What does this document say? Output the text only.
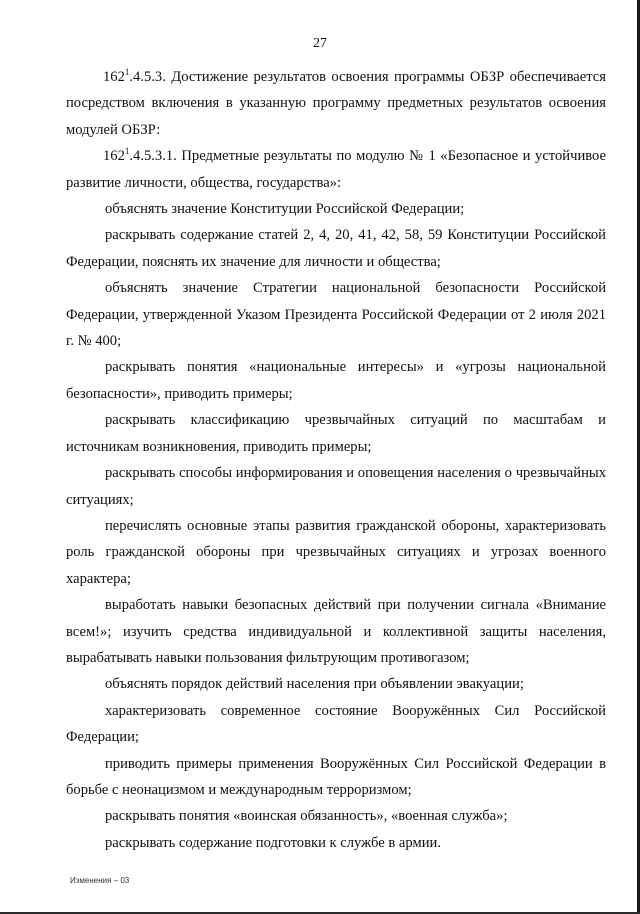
27

$162^1.4.5.3$. Достижение результатов освоения программы ОБЗР обеспечивается посредством включения в указанную программу предметных результатов освоения модулей ОБЗР:

$162^1.4.5.3.1$. Предметные результаты по модулю № 1 «Безопасное и устойчивое развитие личности, общества, государства»:

объяснять значение Конституции Российской Федерации;

раскрывать содержание статей 2, 4, 20, 41, 42, 58, 59 Конституции Российской Федерации, пояснять их значение для личности и общества;

объяснять значение Стратегии национальной безопасности Российской Федерации, утвержденной Указом Президента Российской Федерации от 2 июля 2021 г. № 400;

раскрывать понятия «национальные интересы» и «угрозы национальной безопасности», приводить примеры;

раскрывать классификацию чрезвычайных ситуаций по масштабам и источникам возникновения, приводить примеры;

раскрывать способы информирования и оповещения населения о чрезвычайных ситуациях;

перечислять основные этапы развития гражданской обороны, характеризовать роль гражданской обороны при чрезвычайных ситуациях и угрозах военного характера;

выработать навыки безопасных действий при получении сигнала «Внимание всем!»; изучить средства индивидуальной и коллективной защиты населения, вырабатывать навыки пользования фильтрующим противогазом;

объяснять порядок действий населения при объявлении эвакуации;

характеризовать современное состояние Вооружённых Сил Российской Федерации;

приводить примеры применения Вооружённых Сил Российской Федерации в борьбе с неонацизмом и международным терроризмом;

раскрывать понятия «воинская обязанность», «военная служба»;

раскрывать содержание подготовки к службе в армии.

Изменения – 03
